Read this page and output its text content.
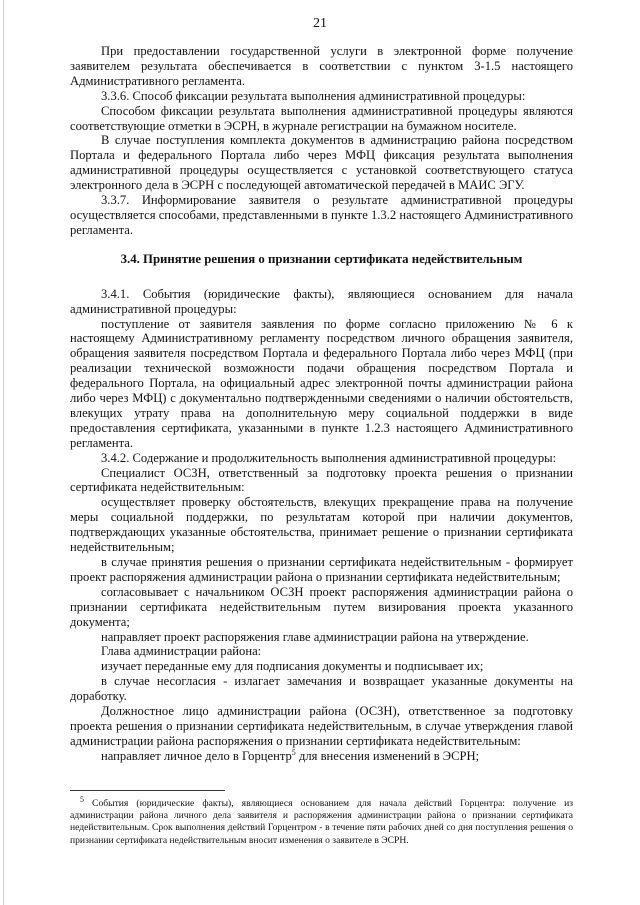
21

При предоставлении государственной услуги в электронной форме получение заявителем результата обеспечивается в соответствии с пунктом 3-1.5 настоящего Административного регламента.

3.3.6. Способ фиксации результата выполнения административной процедуры:

Способом фиксации результата выполнения административной процедуры являются соответствующие отметки в ЭСРН, в журнале регистрации на бумажном носителе.

В случае поступления комплекта документов в администрацию района посредством Портала и федерального Портала либо через МФЦ фиксация результата выполнения административной процедуры осуществляется с установкой соответствующего статуса электронного дела в ЭСРН с последующей автоматической передачей в МАИС ЭГУ.

3.3.7. Информирование заявителя о результате административной процедуры осуществляется способами, представленными в пункте 1.3.2 настоящего Административного регламента.

3.4. Принятие решения о признании сертификата недействительным

3.4.1. События (юридические факты), являющиеся основанием для начала административной процедуры:

поступление от заявителя заявления по форме согласно приложению № 6 к настоящему Административному регламенту посредством личного обращения заявителя, обращения заявителя посредством Портала и федерального Портала либо через МФЦ (при реализации технической возможности подачи обращения посредством Портала и федерального Портала, на официальный адрес электронной почты администрации района либо через МФЦ) с документально подтвержденными сведениями о наличии обстоятельств, влекущих утрату права на дополнительную меру социальной поддержки в виде предоставления сертификата, указанными в пункте 1.2.3 настоящего Административного регламента.

3.4.2. Содержание и продолжительность выполнения административной процедуры:

Специалист ОСЗН, ответственный за подготовку проекта решения о признании сертификата недействительным:

осуществляет проверку обстоятельств, влекущих прекращение права на получение меры социальной поддержки, по результатам которой при наличии документов, подтверждающих указанные обстоятельства, принимает решение о признании сертификата недействительным;

в случае принятия решения о признании сертификата недействительным - формирует проект распоряжения администрации района о признании сертификата недействительным;

согласовывает с начальником ОСЗН проект распоряжения администрации района о признании сертификата недействительным путем визирования проекта указанного документа;

направляет проект распоряжения главе администрации района на утверждение.

Глава администрации района:

изучает переданные ему для подписания документы и подписывает их;

в случае несогласия - излагает замечания и возвращает указанные документы на доработку.

Должностное лицо администрации района (ОСЗН), ответственное за подготовку проекта решения о признании сертификата недействительным, в случае утверждения главой администрации района распоряжения о признании сертификата недействительным:

направляет личное дело в Горцентр$^5$ для внесения изменений в ЭСРН;

$^5$ События (юридические факты), являющиеся основанием для начала действий Горцентра: получение из администрации района личного дела заявителя и распоряжения администрации района о признании сертификата недействительным. Срок выполнения действий Горцентром - в течение пяти рабочих дней со дня поступления решения о признании сертификата недействительным вносит изменения о заявителе в ЭСРН.
